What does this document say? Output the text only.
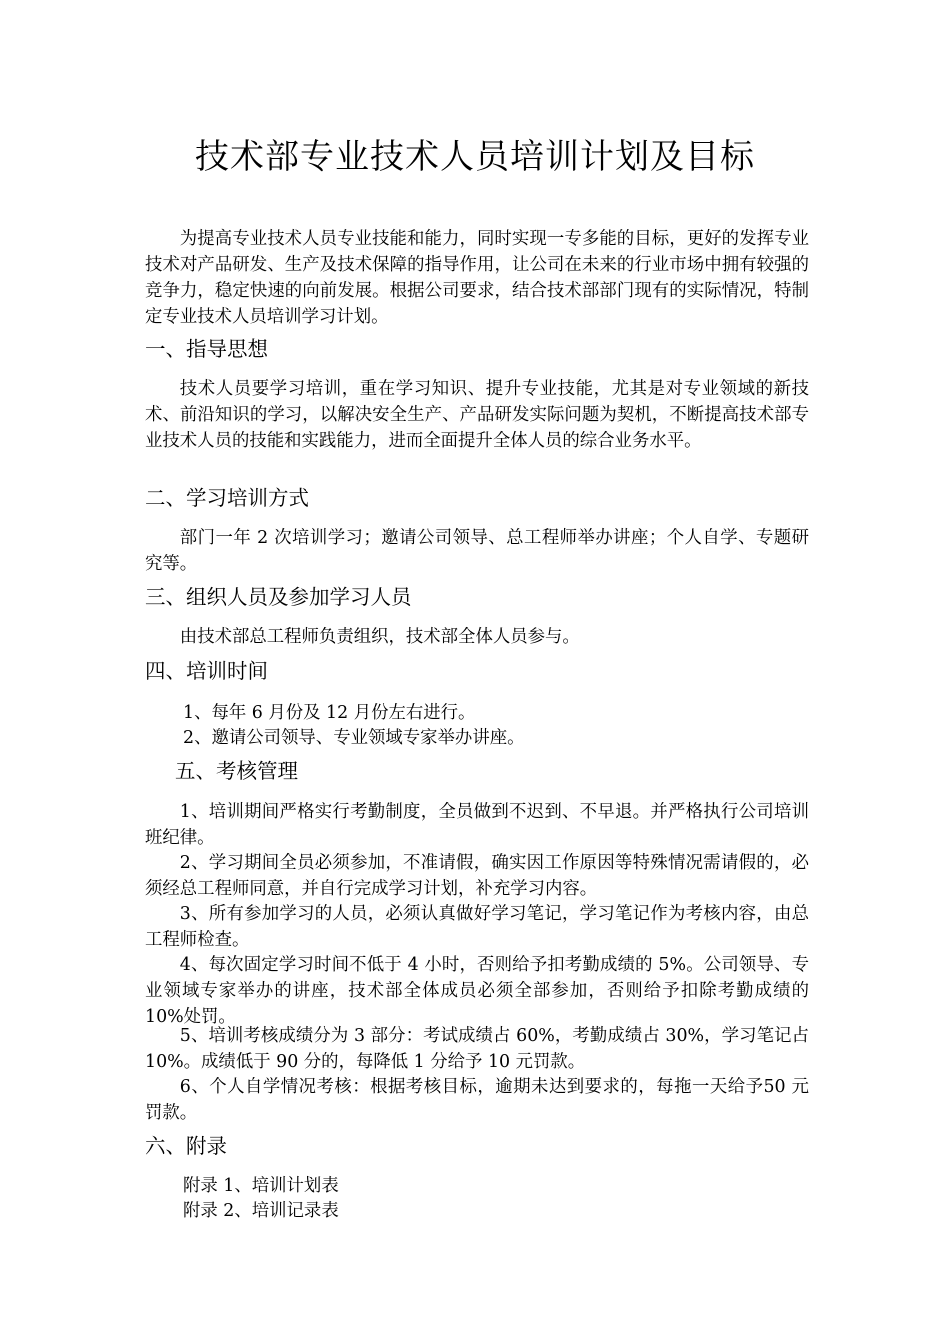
技术部专业技术人员培训计划及目标

为提高专业技术人员专业技能和能力，同时实现一专多能的目标，更好的发挥专业技术对产品研发、生产及技术保障的指导作用，让公司在未来的行业市场中拥有较强的竞争力，稳定快速的向前发展。根据公司要求，结合技术部部门现有的实际情况，特制定专业技术人员培训学习计划。

一、指导思想

技术人员要学习培训，重在学习知识、提升专业技能，尤其是对专业领域的新技术、前沿知识的学习，以解决安全生产、产品研发实际问题为契机，不断提高技术部专业技术人员的技能和实践能力，进而全面提升全体人员的综合业务水平。

二、学习培训方式

部门一年 2 次培训学习；邀请公司领导、总工程师举办讲座；个人自学、专题研究等。

三、组织人员及参加学习人员

由技术部总工程师负责组织，技术部全体人员参与。

四、培训时间

1、每年 6 月份及 12 月份左右进行。

2、邀请公司领导、专业领域专家举办讲座。

五、考核管理

1、培训期间严格实行考勤制度，全员做到不迟到、不早退。并严格执行公司培训班纪律。

2、学习期间全员必须参加，不准请假，确实因工作原因等特殊情况需请假的，必须经总工程师同意，并自行完成学习计划，补充学习内容。

3、所有参加学习的人员，必须认真做好学习笔记，学习笔记作为考核内容，由总工程师检查。

4、每次固定学习时间不低于 4 小时，否则给予扣考勤成绩的 5%。公司领导、专业领域专家举办的讲座，技术部全体成员必须全部参加，否则给予扣除考勤成绩的 10%处罚。

5、培训考核成绩分为 3 部分：考试成绩占 60%，考勤成绩占 30%，学习笔记占 10%。成绩低于 90 分的，每降低 1 分给予 10 元罚款。

6、个人自学情况考核：根据考核目标，逾期未达到要求的，每拖一天给予50 元罚款。

六、附录

附录 1、培训计划表

附录 2、培训记录表
